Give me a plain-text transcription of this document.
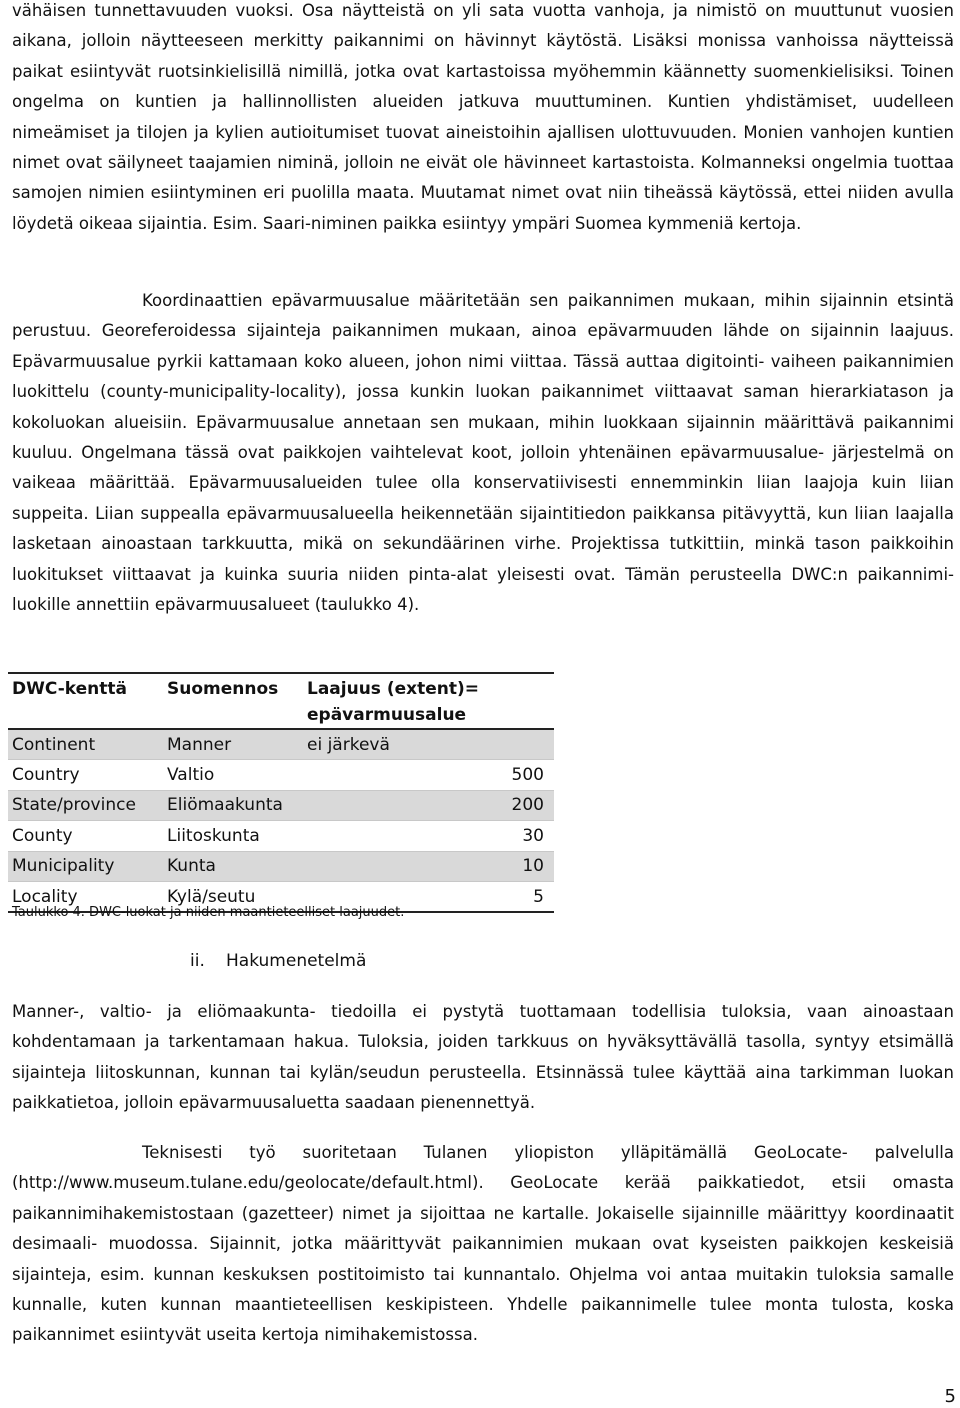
vähäisen tunnettavuuden vuoksi. Osa näytteistä on yli sata vuotta vanhoja, ja nimistö on muuttunut vuosien aikana, jolloin näytteeseen merkitty paikannimi on hävinnyt käytöstä. Lisäksi monissa vanhoissa näytteissä paikat esiintyvät ruotsinkielisillä nimillä, jotka ovat kartastoissa myöhemmin käännetty suomenkielisiksi. Toinen ongelma on kuntien ja hallinnollisten alueiden jatkuva muuttuminen. Kuntien yhdistämiset, uudelleen nimeämiset ja tilojen ja kylien autioitumiset tuovat aineistoihin ajallisen ulottuvuuden. Monien vanhojen kuntien nimet ovat säilyneet taajamien niminä, jolloin ne eivät ole hävinneet kartastoista. Kolmanneksi ongelmia tuottaa samojen nimien esiintyminen eri puolilla maata. Muutamat nimet ovat niin tiheässä käytössä, ettei niiden avulla löydetä oikeaa sijaintia. Esim. Saari-niminen paikka esiintyy ympäri Suomea kymmeniä kertoja.

Koordinaattien epävarmuusalue määritetään sen paikannimen mukaan, mihin sijainnin etsintä perustuu. Georeferoidessa sijainteja paikannimen mukaan, ainoa epävarmuuden lähde on sijainnin laajuus. Epävarmuusalue pyrkii kattamaan koko alueen, johon nimi viittaa. Tässä auttaa digitointi- vaiheen paikannimien luokittelu (county-municipality-locality), jossa kunkin luokan paikannimet viittaavat saman hierarkiatason ja kokoluokan alueisiin. Epävarmuusalue annetaan sen mukaan, mihin luokkaan sijainnin määrittävä paikannimi kuuluu. Ongelmana tässä ovat paikkojen vaihtelevat koot, jolloin yhtenäinen epävarmuusalue- järjestelmä on vaikeaa määrittää. Epävarmuusalueiden tulee olla konservatiivisesti ennemminkin liian laajoja kuin liian suppeita. Liian suppealla epävarmuusalueella heikennetään sijaintitiedon paikkansa pitävyyttä, kun liian laajalla lasketaan ainoastaan tarkkuutta, mikä on sekundäärinen virhe. Projektissa tutkittiin, minkä tason paikkoihin luokitukset viittaavat ja kuinka suuria niiden pinta-alat yleisesti ovat. Tämän perusteella DWC:n paikannimi- luokille annettiin epävarmuusalueet (taulukko 4).

DWC-kenttä	Suomennos	Laajuus (extent)= epävarmuusalue
Continent	Manner	ei järkevä
Country	Valtio	500
State/province	Eliömaakunta	200
County	Liitoskunta	30
Municipality	Kunta	10
Locality	Kylä/seutu	5

Taulukko 4. DWC-luokat ja niiden maantieteelliset laajuudet.

ii. Hakumenetelmä

Manner-, valtio- ja eliömaakunta- tiedoilla ei pystytä tuottamaan todellisia tuloksia, vaan ainoastaan kohdentamaan ja tarkentamaan hakua. Tuloksia, joiden tarkkuus on hyväksyttävällä tasolla, syntyy etsimällä sijainteja liitoskunnan, kunnan tai kylän/seudun perusteella. Etsinnässä tulee käyttää aina tarkimman luokan paikkatietoa, jolloin epävarmuusaluetta saadaan pienennettyä.

Teknisesti työ suoritetaan Tulanen yliopiston ylläpitämällä GeoLocate- palvelulla (http://www.museum.tulane.edu/geolocate/default.html). GeoLocate kerää paikkatiedot, etsii omasta paikannimihakemistostaan (gazetteer) nimet ja sijoittaa ne kartalle. Jokaiselle sijainnille määrittyy koordinaatit desimaali- muodossa. Sijainnit, jotka määrittyvät paikannimien mukaan ovat kyseisten paikkojen keskeisiä sijainteja, esim. kunnan keskuksen postitoimisto tai kunnantalo. Ohjelma voi antaa muitakin tuloksia samalle kunnalle, kuten kunnan maantieteellisen keskipisteen. Yhdelle paikannimelle tulee monta tulosta, koska paikannimet esiintyvät useita kertoja nimihakemistossa.

5
